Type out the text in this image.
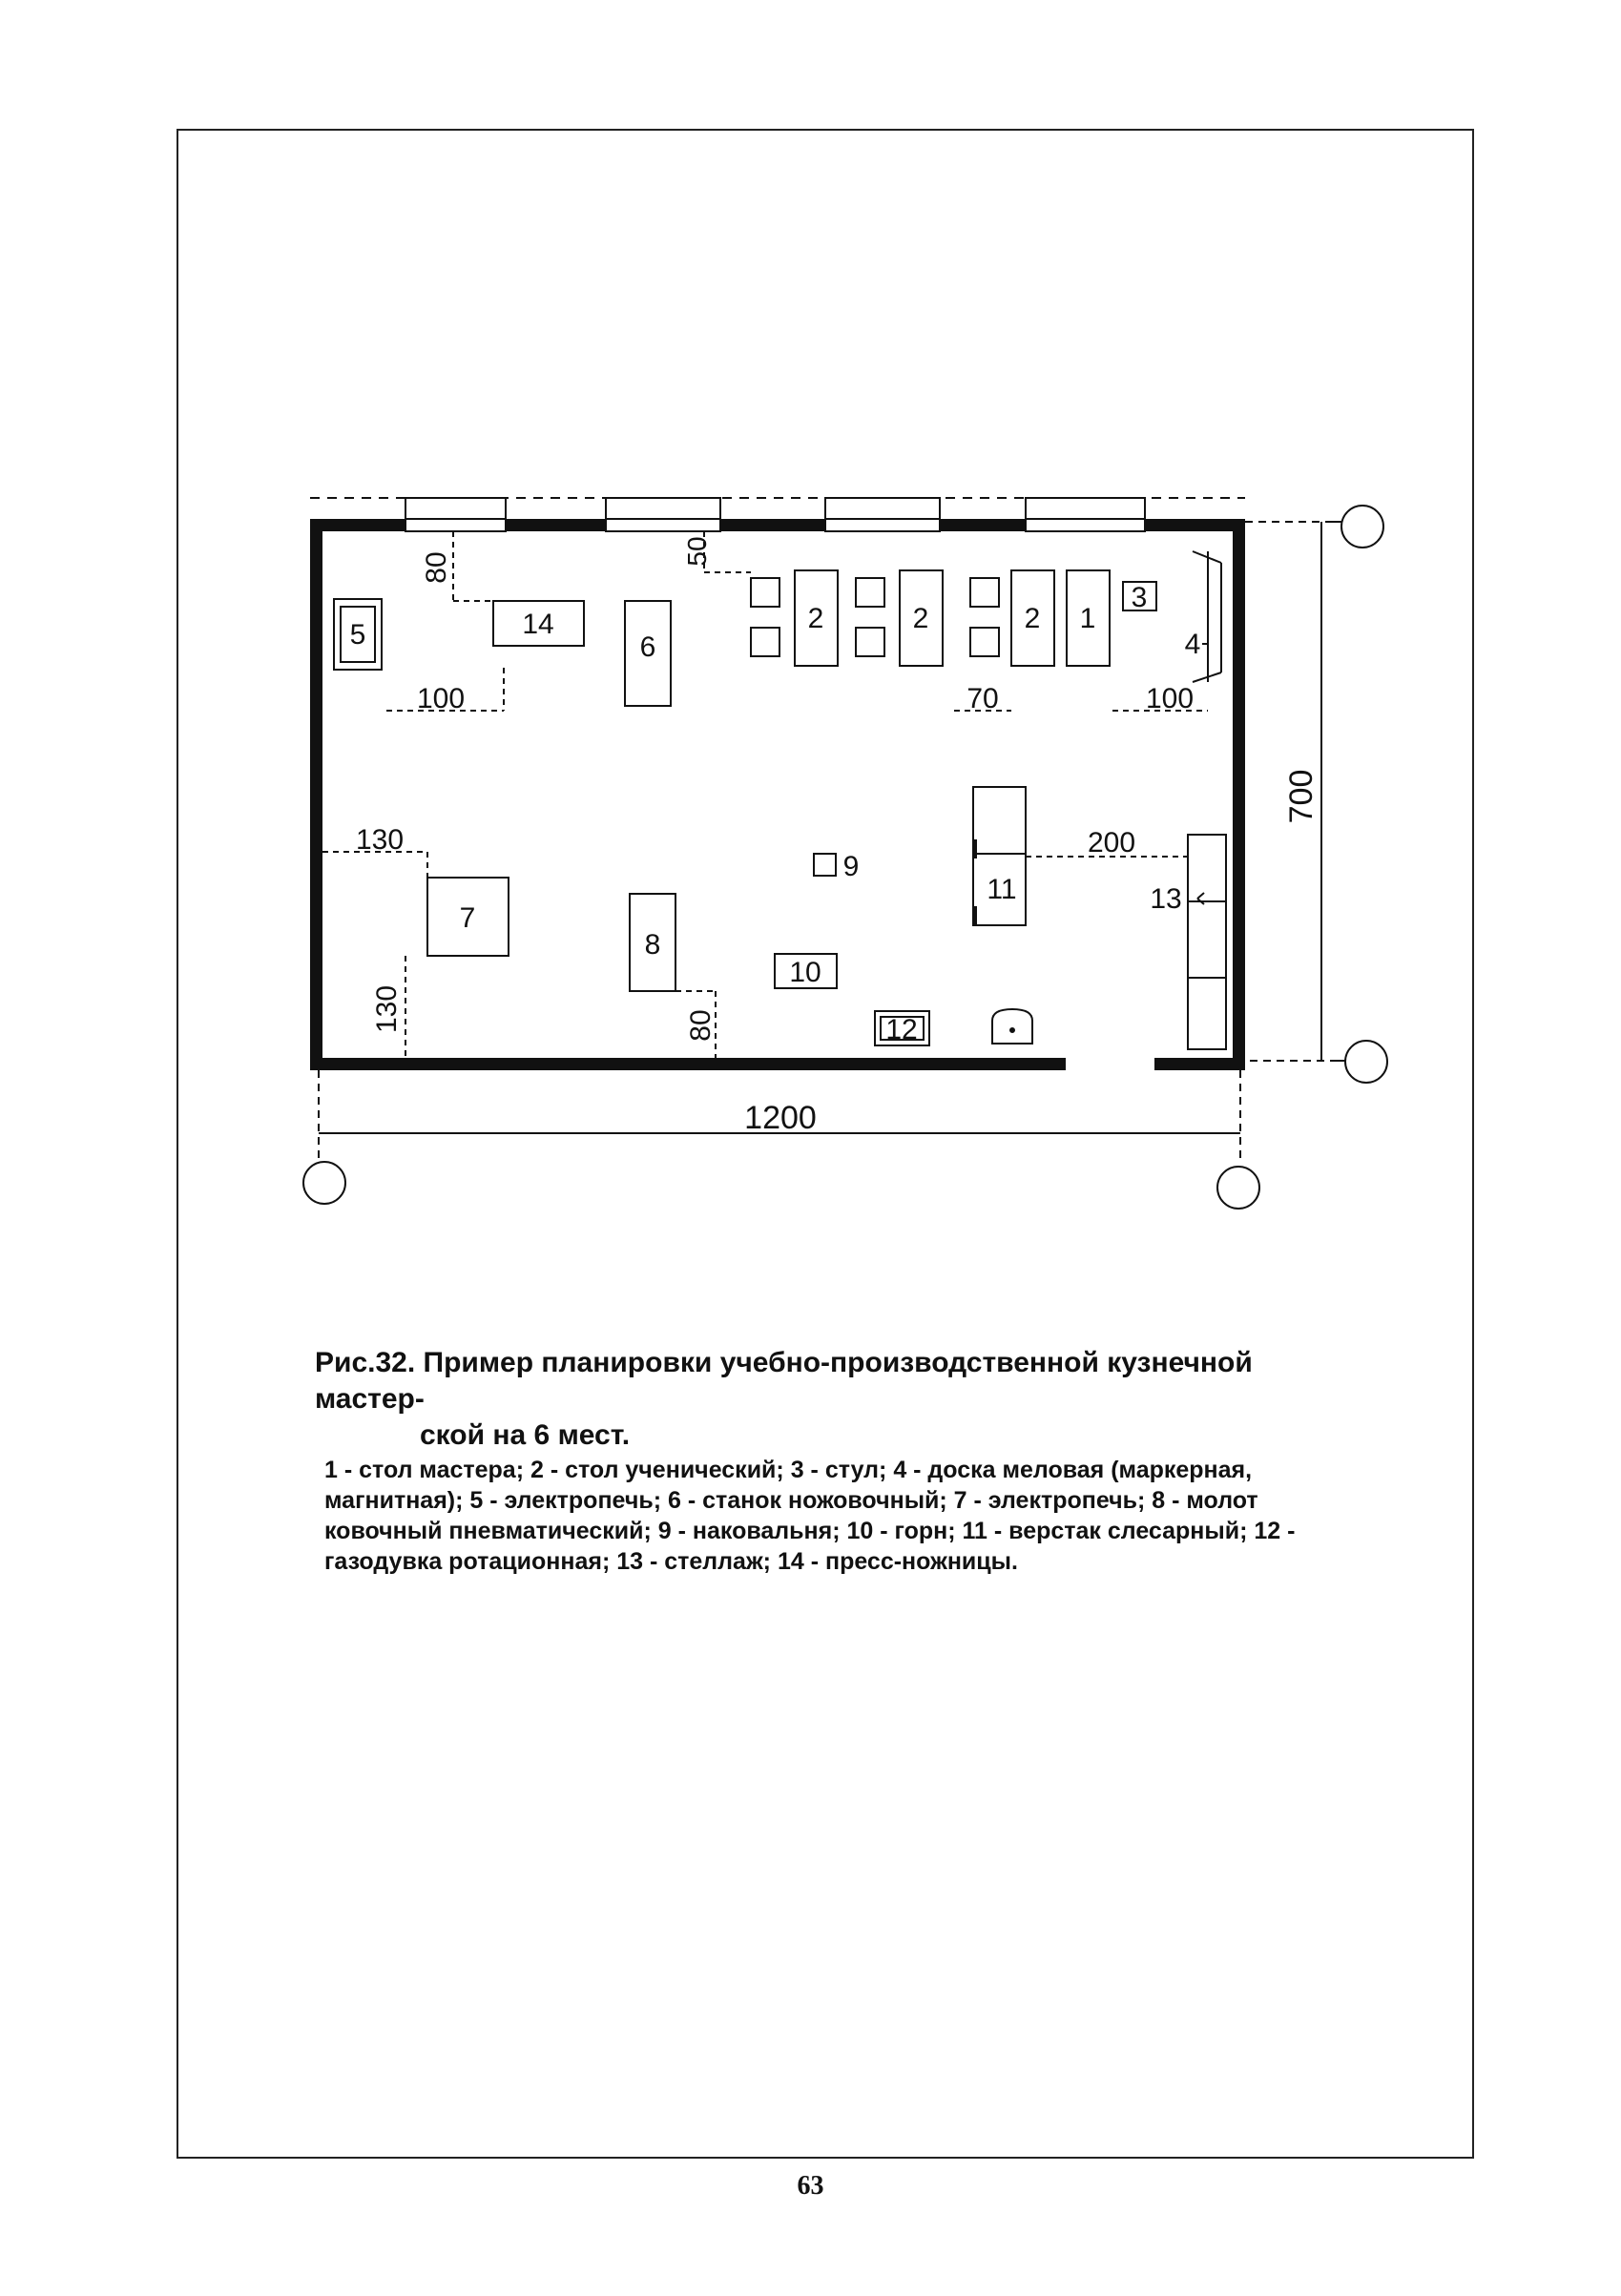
700
1200
80
50
100	70	100
130
130	80
200
5	14
6
2	2	2 1
3
4
7
8
9
10
11
12
13

Рис.32. Пример планировки учебно-производственной кузнечной мастер-
ской на 6 мест.

1 - стол мастера; 2 - стол ученический; 3 - стул; 4 - доска меловая (маркерная, магнитная); 5 - электропечь; 6 - станок ножовочный; 7 - электропечь; 8 - молот ковочный пневматический; 9 - наковальня; 10 - горн; 11 - верстак слесарный; 12 - газодувка ротационная; 13 - стеллаж; 14 - пресс-ножницы.

63
